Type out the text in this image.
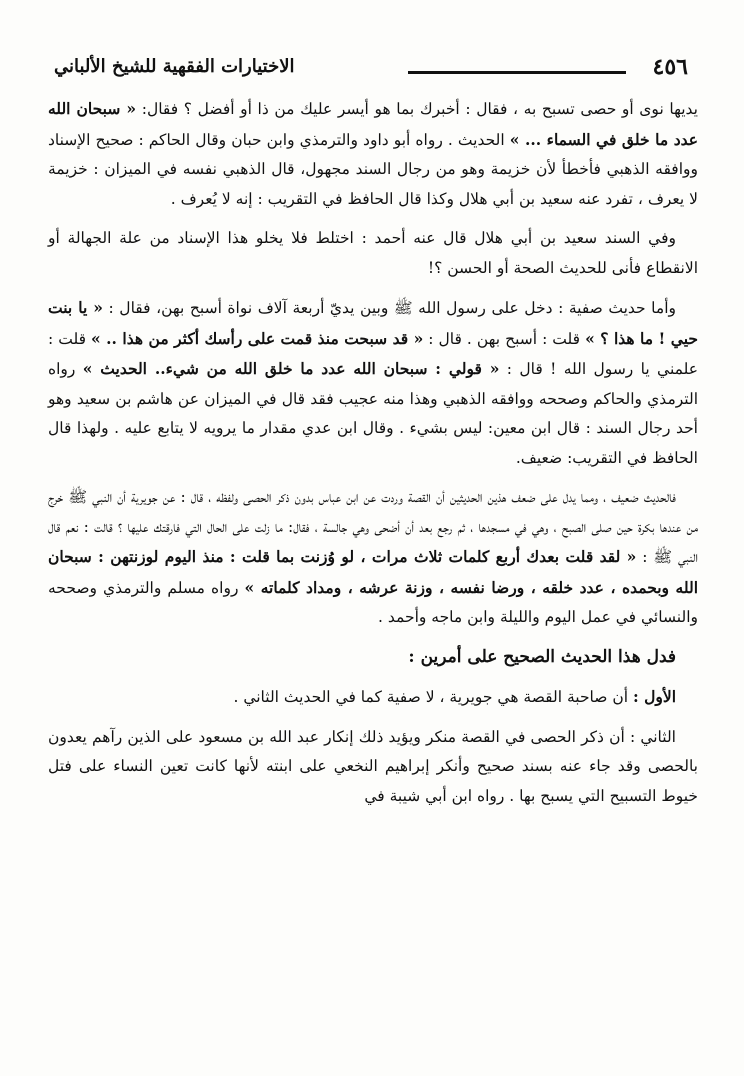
٤٥٦
الاختيارات الفقهية للشيخ الألباني

يديها نوى أو حصى تسبح به ، فقال : أخبرك بما هو أيسر عليك من ذا أو أفضل ؟ فقال: « سبحان الله عدد ما خلق في السماء ... » الحديث . رواه أبو داود والترمذي وابن حبان وقال الحاكم : صحيح الإسناد ووافقه الذهبي فأخطأ لأن خزيمة وهو من رجال السند مجهول، قال الذهبي نفسه في الميزان : خزيمة لا يعرف ، تفرد عنه سعيد بن أبي هلال وكذا قال الحافظ في التقريب : إنه لا يُعرف .

وفي السند سعيد بن أبي هلال قال عنه أحمد : اختلط فلا يخلو هذا الإسناد من علة الجهالة أو الانقطاع فأنى للحديث الصحة أو الحسن ؟!

وأما حديث صفية : دخل على رسول الله ﷺ وبين يديّ أربعة آلاف نواة أسبح بهن، فقال : « يا بنت حيي ! ما هذا ؟ » قلت : أسبح بهن . قال : « قد سبحت منذ قمت على رأسك أكثر من هذا .. » قلت : علمني يا رسول الله ! قال : « قولي : سبحان الله عدد ما خلق الله من شيء.. الحديث » رواه الترمذي والحاكم وصححه ووافقه الذهبي وهذا منه عجيب فقد قال في الميزان عن هاشم بن سعيد وهو أحد رجال السند : قال ابن معين: ليس بشيء . وقال ابن عدي مقدار ما يرويه لا يتابع عليه . ولهذا قال الحافظ في التقريب: ضعيف.

فالحديث ضعيف ، ومما يدل على ضعف هذين الحديثين أن القصة وردت عن ابن عباس بدون ذكر الحصى ولفظه ، قال : عن جويرية أن النبي ﷺ خرج من عندها بكرة حين صلى الصبح ، وهي في مسجدها ، ثم رجع بعد أن أضحى وهي جالسة ، فقال: ما زلت على الحال التي فارقتك عليها ؟ قالت : نعم قال النبي ﷺ : « لقد قلت بعدك أربع كلمات ثلاث مرات ، لو وُزنت بما قلت : منذ اليوم لوزنتهن : سبحان الله وبحمده ، عدد خلقه ، ورضا نفسه ، وزنة عرشه ، ومداد كلماته » رواه مسلم والترمذي وصححه والنسائي في عمل اليوم والليلة وابن ماجه وأحمد .

فدل هذا الحديث الصحيح على أمرين :

الأول : أن صاحبة القصة هي جويرية ، لا صفية كما في الحديث الثاني .

الثاني : أن ذكر الحصى في القصة منكر ويؤيد ذلك إنكار عبد الله بن مسعود على الذين رآهم يعدون بالحصى وقد جاء عنه بسند صحيح وأنكر إبراهيم النخعي على ابنته لأنها كانت تعين النساء على فتل خيوط التسبيح التي يسبح بها . رواه ابن أبي شيبة في
